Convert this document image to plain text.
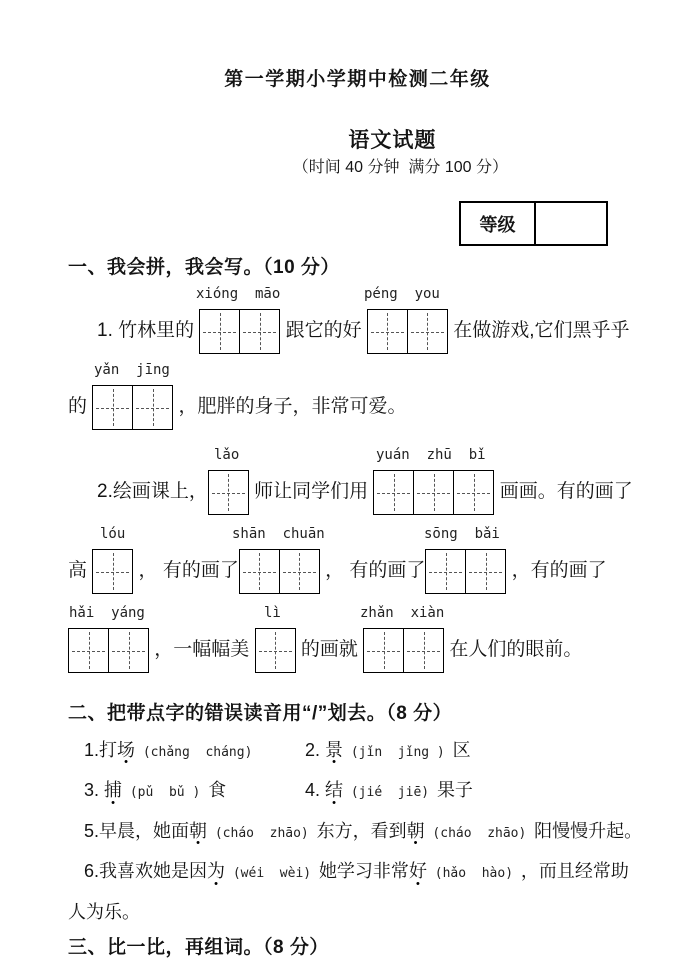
第一学期小学期中检测二年级

语文试题
（时间 40 分钟  满分 100 分）

等级
一、我会拼，我会写。（10 分）
xióng  māo	péng  you
1. 竹林里的	跟它的好	在做游戏,它们黑乎乎
yǎn  jīng
的	，肥胖的身子，非常可爱。
lǎo	yuán  zhū  bǐ
2.绘画课上， 师让同学们用	画画。有的画了
lóu	shān  chuān	sōng  bǎi
高 ， 有的画了	， 有的画了	，有的画了
hǎi  yáng	lì	zhǎn  xiàn
，一幅幅美 的画就	在人们的眼前。
二、把带点字的错误读音用“/”划去。（8 分）
1.打场 (chǎng  cháng)	2. 景 (jǐn  jǐng ) 区
3. 捕 (pǔ  bǔ ) 食	4. 结 (jié  jiē) 果子
5.早晨，她面朝 (cháo  zhāo) 东方，看到朝 (cháo  zhāo) 阳慢慢升起。
6.我喜欢她是因为 (wéi  wèi) 她学习非常好 (hǎo  hào) ，而且经常助
人为乐。
三、比一比，再组词。（8 分）
